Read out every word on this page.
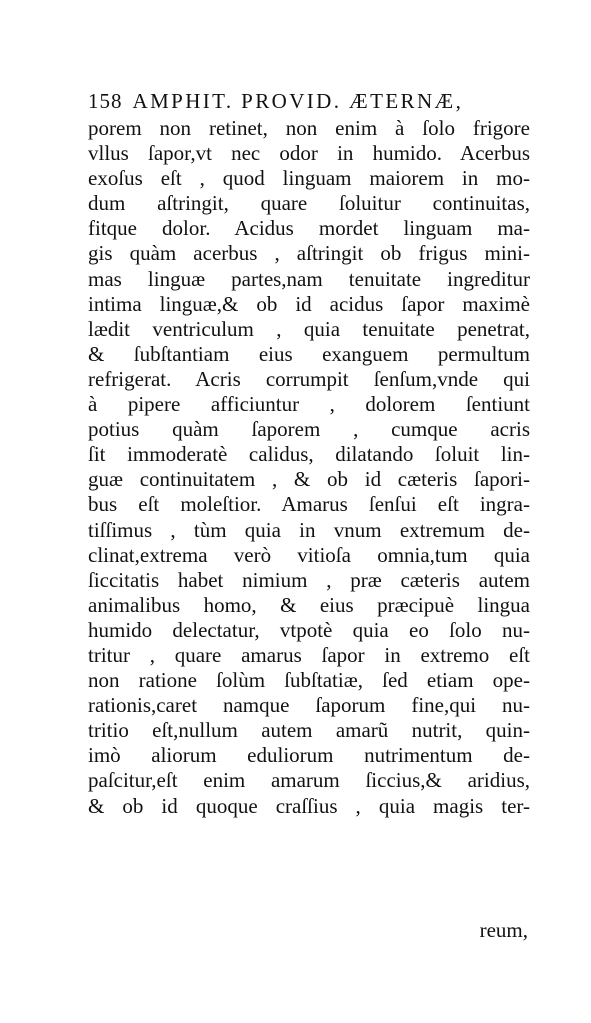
158 AMPHIT. PROVID. ÆTERNÆ,
porem non retinet, non enim à ſolo frigore
vllus ſapor,vt nec odor in humido. Acerbus
exoſus eſt , quod linguam maiorem in mo-
dum aſtringit, quare ſoluitur continuitas,
fitque dolor. Acidus mordet linguam ma-
gis quàm acerbus , aſtringit ob frigus mini-
mas linguæ partes,nam tenuitate ingreditur
intima linguæ,& ob id acidus ſapor maximè
lædit ventriculum , quia tenuitate penetrat,
& ſubſtantiam eius exanguem permultum
refrigerat. Acris corrumpit ſenſum,vnde qui
à pipere afficiuntur , dolorem ſentiunt
potius quàm ſaporem , cumque acris
ſit immoderatè calidus, dilatando ſoluit lin-
guæ continuitatem , & ob id cæteris ſapori-
bus eſt moleſtior. Amarus ſenſui eſt ingra-
tiſſimus , tùm quia in vnum extremum de-
clinat,extrema verò vitioſa omnia,tum quia
ſiccitatis habet nimium , præ cæteris autem
animalibus homo, & eius præcipuè lingua
humido delectatur, vtpotè quia eo ſolo nu-
tritur , quare amarus ſapor in extremo eſt
non ratione ſolùm ſubſtatiæ, ſed etiam ope-
rationis,caret namque ſaporum fine,qui nu-
tritio eſt,nullum autem amarũ nutrit, quin-
imò aliorum eduliorum nutrimentum de-
paſcitur,eſt enim amarum ſiccius,& aridius,
& ob id quoque craſſius , quia magis ter-
reum,
